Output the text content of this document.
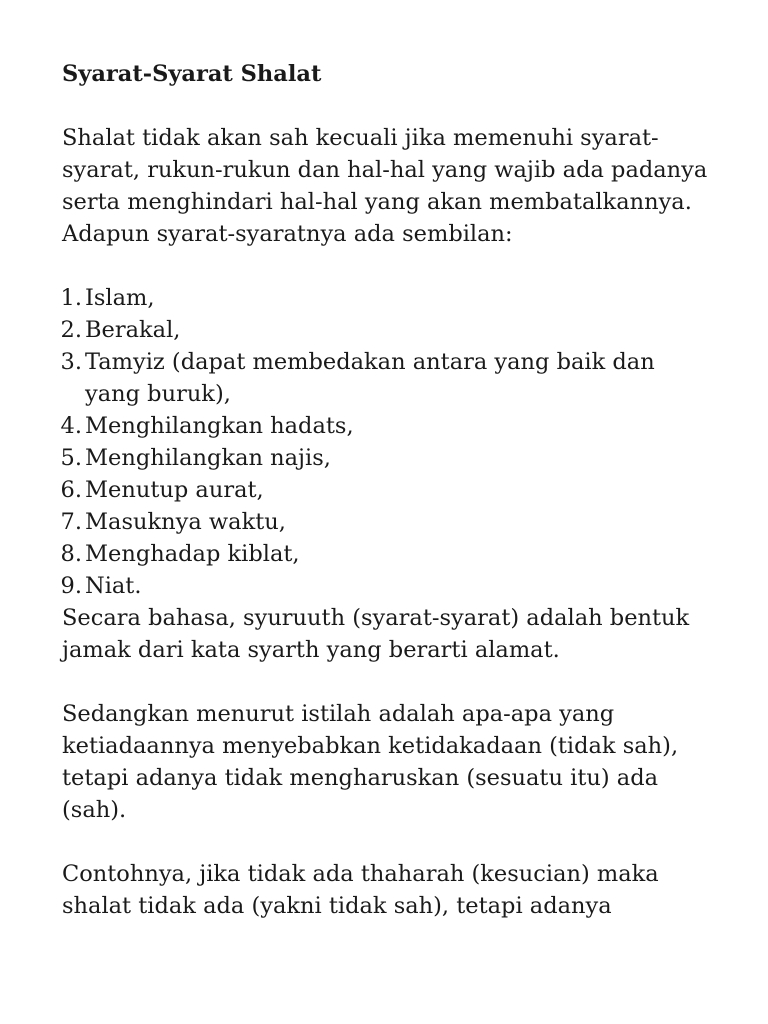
Syarat-Syarat Shalat
Shalat tidak akan sah kecuali jika memenuhi syarat-syarat, rukun-rukun dan hal-hal yang wajib ada padanya serta menghindari hal-hal yang akan membatalkannya. Adapun syarat-syaratnya ada sembilan:
1 . Islam,
2 . Berakal,
3 . Tamyiz (dapat membedakan antara yang baik dan yang buruk),
4 . Menghilangkan hadats,
5 . Menghilangkan najis,
6 . Menutup aurat,
7 . Masuknya waktu,
8 . Menghadap kiblat,
9 . Niat.
Secara bahasa, syuruuth (syarat-syarat) adalah bentuk jamak dari kata syarth yang berarti alamat.
Sedangkan menurut istilah adalah apa-apa yang ketiadaannya menyebabkan ketidakadaan (tidak sah), tetapi adanya tidak mengharuskan (sesuatu itu) ada (sah).
Contohnya, jika tidak ada thaharah (kesucian) maka shalat tidak ada (yakni tidak sah), tetapi adanya
